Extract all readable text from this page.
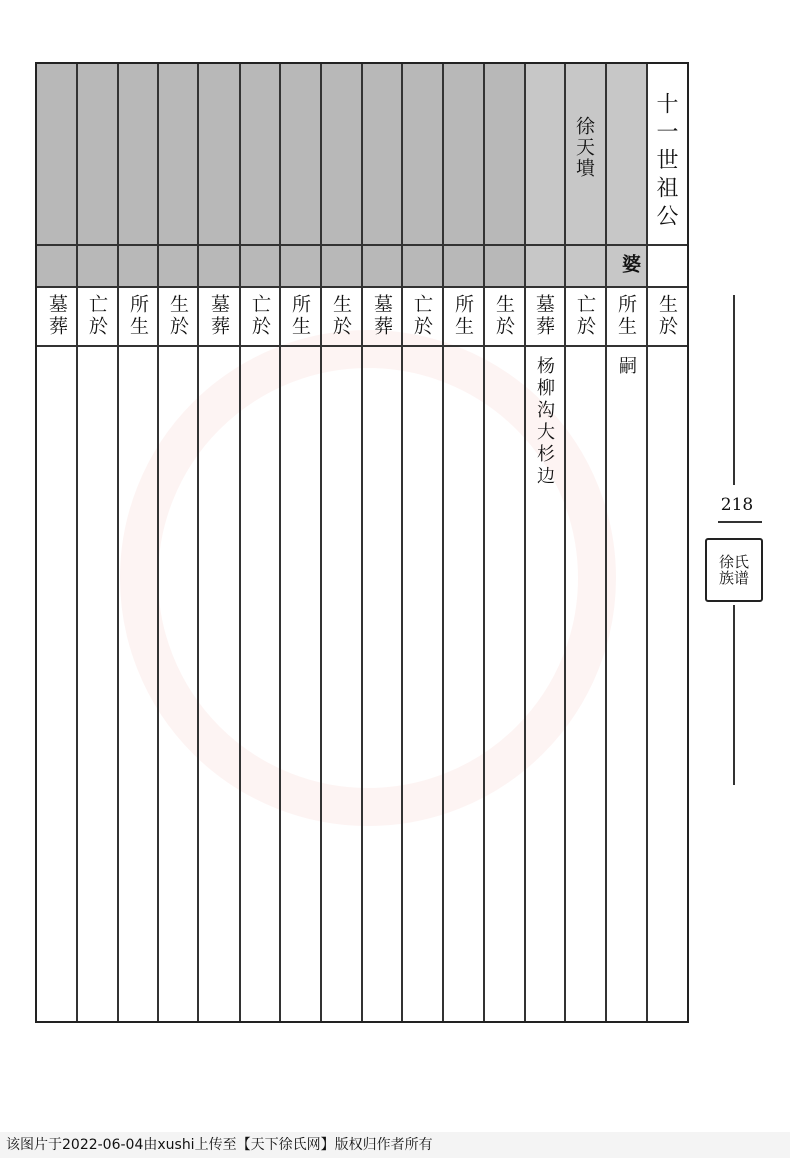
十一世祖公
徐天墤
婆
生於
所生
亡於
墓葬
生於
所生
亡於
墓葬
生於
所生
亡於
墓葬
生於
所生
亡於
墓葬
嗣
杨柳沟大杉边
218
徐氏
族谱
该图片于2022-06-04由xushi上传至【天下徐氏网】版权归作者所有
